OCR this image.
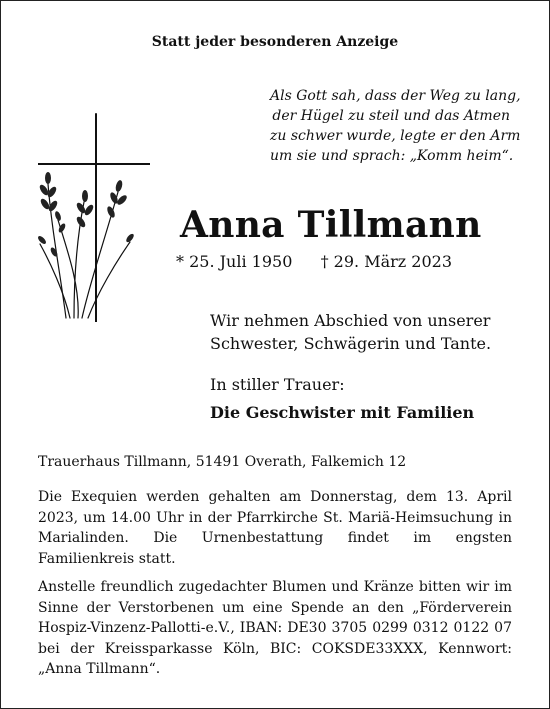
Statt jeder besonderen Anzeige
Als Gott sah, dass der Weg zu lang,
der Hügel zu steil und das Atmen
zu schwer wurde, legte er den Arm
um sie und sprach: „Komm heim“.
Anna Tillmann
* 25. Juli 1950 † 29. März 2023
Wir nehmen Abschied von unserer
Schwester, Schwägerin und Tante.
In stiller Trauer:
Die Geschwister mit Familien
Trauerhaus Tillmann, 51491 Overath, Falkemich 12
Die Exequien werden gehalten am Donnerstag, dem 13. April 2023, um 14.00 Uhr in der Pfarrkirche St. Mariä-Heimsuchung in Marialinden. Die Urnenbestattung findet im engsten Familienkreis statt.
Anstelle freundlich zugedachter Blumen und Kränze bitten wir im Sinne der Verstorbenen um eine Spende an den „Förderverein Hospiz-Vinzenz-Pallotti-e.V., IBAN: DE30 3705 0299 0312 0122 07 bei der Kreissparkasse Köln, BIC: COKSDE33XXX, Kennwort: „Anna Tillmann“.
